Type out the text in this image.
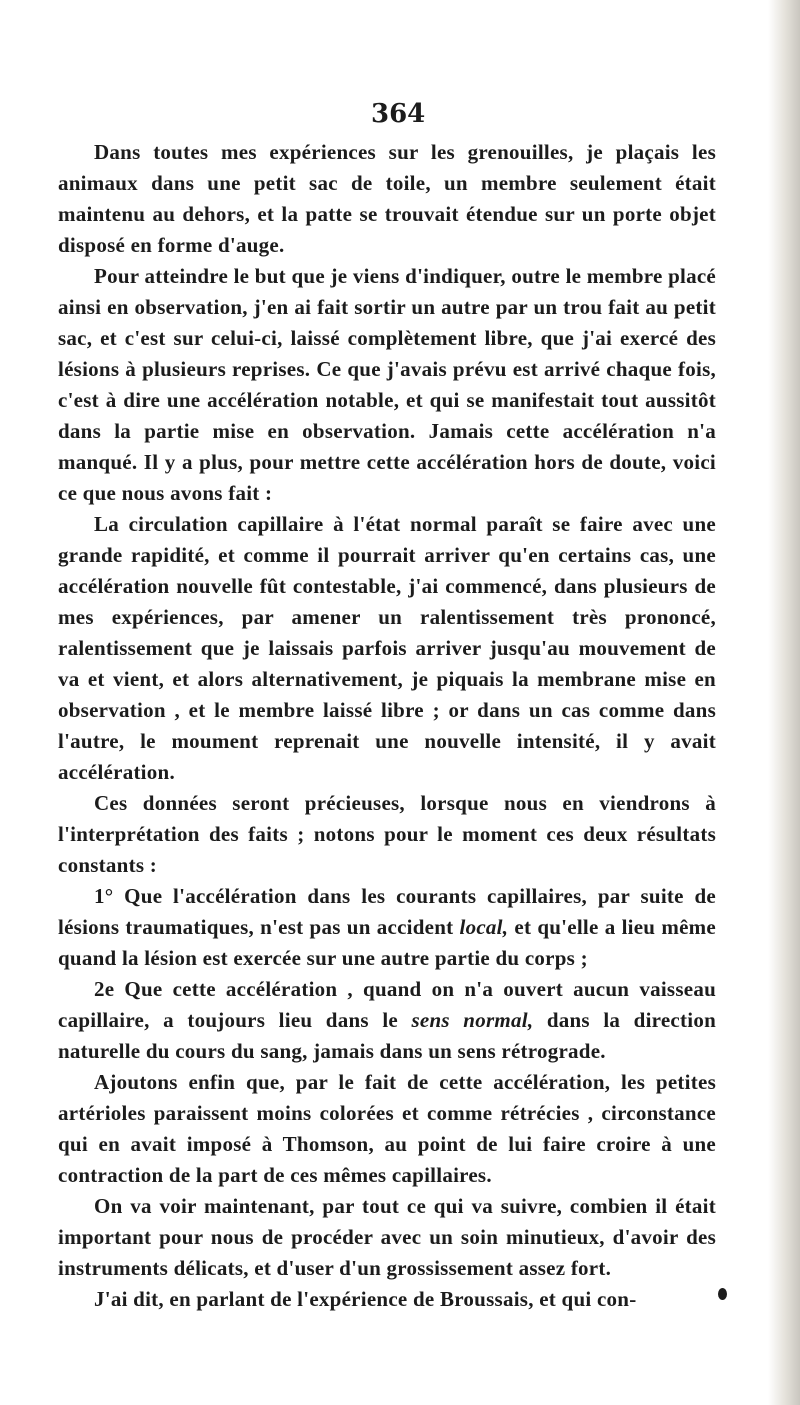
364

Dans toutes mes expériences sur les grenouilles, je plaçais les animaux dans une petit sac de toile, un membre seulement était maintenu au dehors, et la patte se trouvait étendue sur un porte objet disposé en forme d'auge.

Pour atteindre le but que je viens d'indiquer, outre le membre placé ainsi en observation, j'en ai fait sortir un autre par un trou fait au petit sac, et c'est sur celui-ci, laissé complètement libre, que j'ai exercé des lésions à plusieurs reprises. Ce que j'avais prévu est arrivé chaque fois, c'est à dire une accélération notable, et qui se manifestait tout aussitôt dans la partie mise en observation. Jamais cette accélération n'a manqué. Il y a plus, pour mettre cette accélération hors de doute, voici ce que nous avons fait :

La circulation capillaire à l'état normal paraît se faire avec une grande rapidité, et comme il pourrait arriver qu'en certains cas, une accélération nouvelle fût contestable, j'ai commencé, dans plusieurs de mes expériences, par amener un ralentissement très prononcé, ralentissement que je laissais parfois arriver jusqu'au mouvement de va et vient, et alors alternativement, je piquais la membrane mise en observation , et le membre laissé libre ; or dans un cas comme dans l'autre, le moument reprenait une nouvelle intensité, il y avait accélération.

Ces données seront précieuses, lorsque nous en viendrons à l'interprétation des faits ; notons pour le moment ces deux résultats constants :

1° Que l'accélération dans les courants capillaires, par suite de lésions traumatiques, n'est pas un accident local, et qu'elle a lieu même quand la lésion est exercée sur une autre partie du corps ;

2e Que cette accélération , quand on n'a ouvert aucun vaisseau capillaire, a toujours lieu dans le sens normal, dans la direction naturelle du cours du sang, jamais dans un sens rétrograde.

Ajoutons enfin que, par le fait de cette accélération, les petites artérioles paraissent moins colorées et comme rétrécies , circonstance qui en avait imposé à Thomson, au point de lui faire croire à une contraction de la part de ces mêmes capillaires.

On va voir maintenant, par tout ce qui va suivre, combien il était important pour nous de procéder avec un soin minutieux, d'avoir des instruments délicats, et d'user d'un grossissement assez fort.

J'ai dit, en parlant de l'expérience de Broussais, et qui con-
